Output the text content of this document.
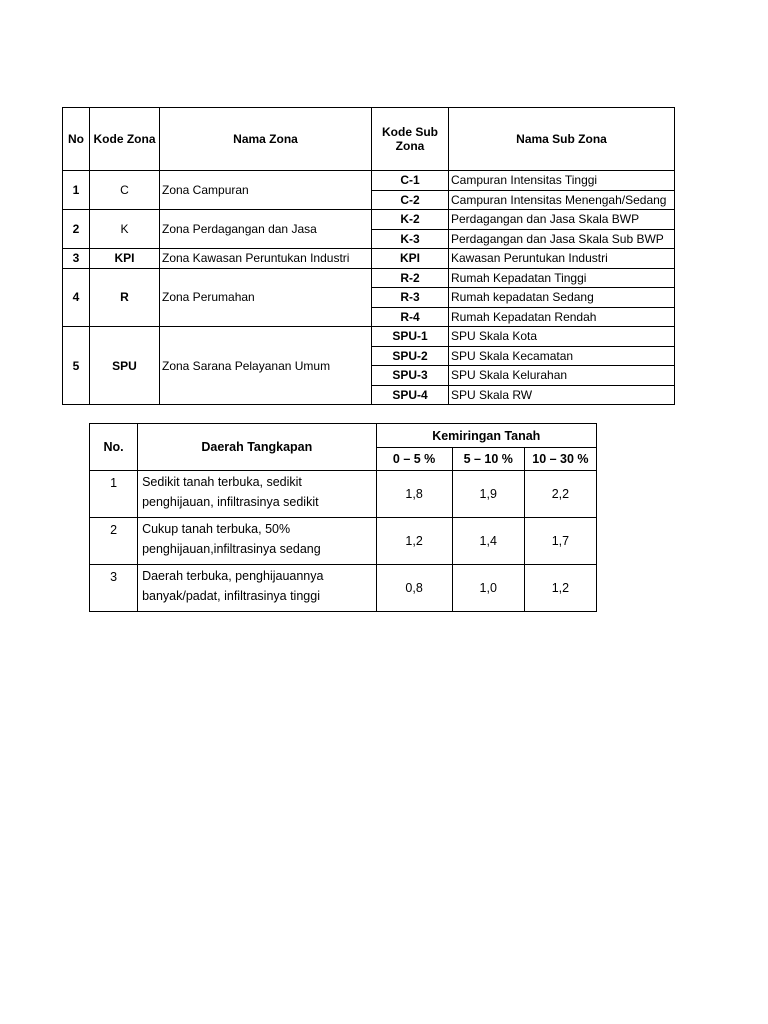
No	Kode Zona	Nama Zona	Kode Sub Zona	Nama Sub Zona
1	C	Zona Campuran	C-1	Campuran Intensitas Tinggi
			C-2	Campuran Intensitas Menengah/Sedang
2	K	Zona Perdagangan dan Jasa	K-2	Perdagangan dan Jasa Skala BWP
			K-3	Perdagangan dan Jasa Skala Sub BWP
3	KPI	Zona Kawasan Peruntukan Industri	KPI	Kawasan Peruntukan Industri
4	R	Zona Perumahan	R-2	Rumah Kepadatan Tinggi
			R-3	Rumah kepadatan Sedang
			R-4	Rumah Kepadatan Rendah
5	SPU	Zona Sarana Pelayanan Umum	SPU-1	SPU Skala Kota
			SPU-2	SPU Skala Kecamatan
			SPU-3	SPU Skala Kelurahan
			SPU-4	SPU Skala RW
No.	Daerah Tangkapan	Kemiringan Tanah		
		0 – 5 %	5 – 10 %	10 – 30 %
1	Sedikit tanah terbuka, sedikit penghijauan, infiltrasinya sedikit	1,8	1,9	2,2
2	Cukup tanah terbuka, 50% penghijauan,infiltrasinya sedang	1,2	1,4	1,7
3	Daerah terbuka, penghijauannya banyak/padat, infiltrasinya tinggi	0,8	1,0	1,2
